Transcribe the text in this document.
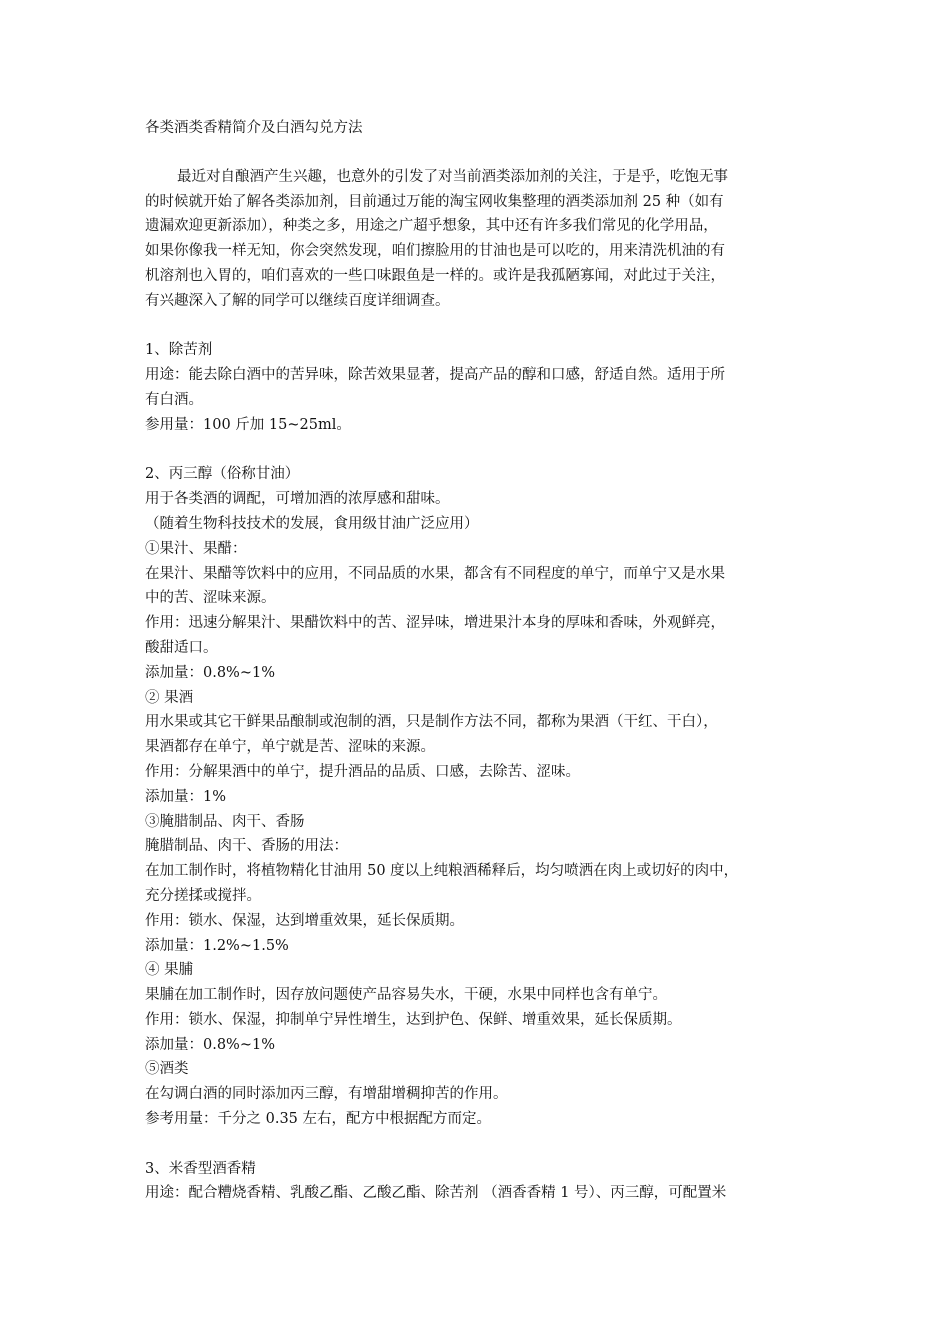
各类酒类香精简介及白酒勾兑方法
最近对自酿酒产生兴趣，也意外的引发了对当前酒类添加剂的关注，于是乎，吃饱无事
的时候就开始了解各类添加剂，目前通过万能的淘宝网收集整理的酒类添加剂 25 种（如有
遗漏欢迎更新添加），种类之多，用途之广超乎想象，其中还有许多我们常见的化学用品，
如果你像我一样无知，你会突然发现，咱们擦脸用的甘油也是可以吃的，用来清洗机油的有
机溶剂也入胃的，咱们喜欢的一些口味跟鱼是一样的。或许是我孤陋寡闻，对此过于关注，
有兴趣深入了解的同学可以继续百度详细调查。
1、除苦剂
用途：能去除白酒中的苦异味，除苦效果显著，提高产品的醇和口感，舒适自然。适用于所
有白酒。
参用量：100 斤加 15~25ml。
2、丙三醇（俗称甘油）
用于各类酒的调配，可增加酒的浓厚感和甜味。
（随着生物科技技术的发展，食用级甘油广泛应用）
①果汁、果醋：
在果汁、果醋等饮料中的应用，不同品质的水果，都含有不同程度的单宁，而单宁又是水果
中的苦、涩味来源。
作用：迅速分解果汁、果醋饮料中的苦、涩异味，增进果汁本身的厚味和香味，外观鲜亮，
酸甜适口。
添加量：0.8%~1%
② 果酒
用水果或其它干鲜果品酿制或泡制的酒，只是制作方法不同，都称为果酒（干红、干白），
果酒都存在单宁，单宁就是苦、涩味的来源。
作用：分解果酒中的单宁，提升酒品的品质、口感，去除苦、涩味。
添加量：1%
③腌腊制品、肉干、香肠
腌腊制品、肉干、香肠的用法：
在加工制作时，将植物精化甘油用 50 度以上纯粮酒稀释后，均匀喷洒在肉上或切好的肉中，
充分搓揉或搅拌。
作用：锁水、保湿，达到增重效果，延长保质期。
添加量：1.2%~1.5%
④ 果脯
果脯在加工制作时，因存放问题使产品容易失水，干硬，水果中同样也含有单宁。
作用：锁水、保湿，抑制单宁异性增生，达到护色、保鲜、增重效果，延长保质期。
添加量：0.8%~1%
⑤酒类
在勾调白酒的同时添加丙三醇，有增甜增稠抑苦的作用。
参考用量：千分之 0.35 左右，配方中根据配方而定。
3、米香型酒香精
用途：配合糟烧香精、乳酸乙酯、乙酸乙酯、除苦剂 （酒香香精 1 号）、丙三醇，可配置米
